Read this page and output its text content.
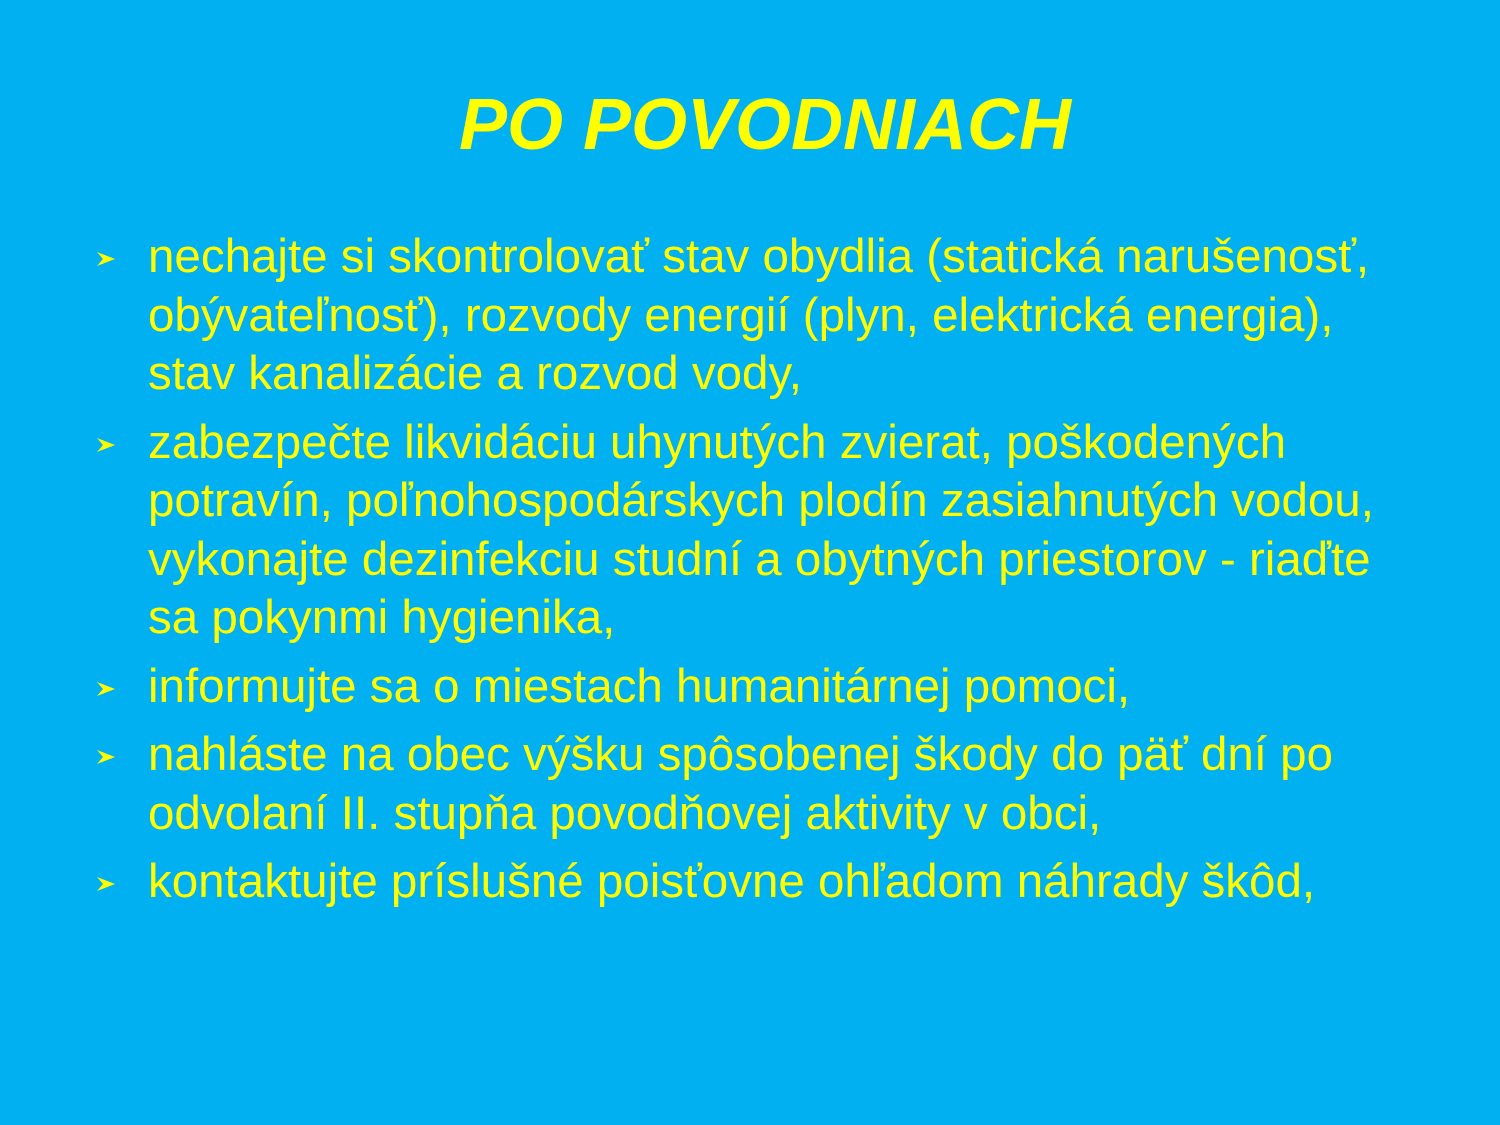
PO POVODNIACH
nechajte si skontrolovať stav obydlia (statická narušenosť, obývateľnosť), rozvody energií (plyn, elektrická energia), stav kanalizácie a rozvod vody,
zabezpečte likvidáciu uhynutých zvierat, poškodených potravín, poľnohospodárskych plodín zasiahnutých vodou, vykonajte dezinfekciu studní a obytných priestorov - riaďte sa pokynmi hygienika,
informujte sa o miestach humanitárnej pomoci,
nahláste na obec výšku spôsobenej škody do päť dní po odvolaní II. stupňa povodňovej aktivity v obci,
kontaktujte príslušné poisťovne ohľadom náhrady škôd,
